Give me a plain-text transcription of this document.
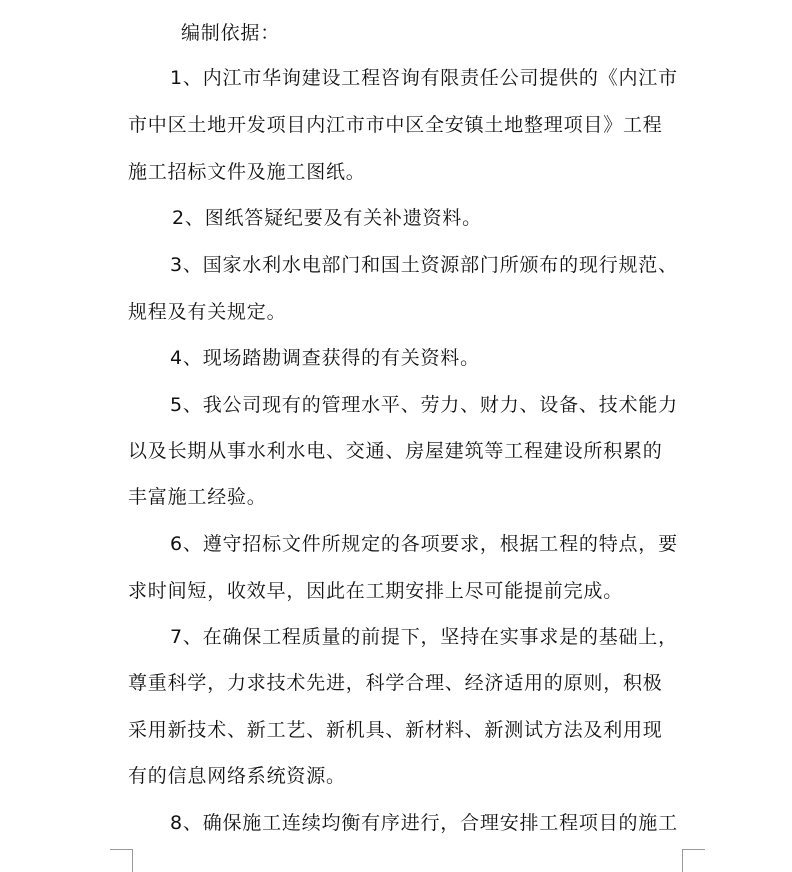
编制依据：
1、内江市华询建设工程咨询有限责任公司提供的《内江市
市中区土地开发项目内江市市中区全安镇土地整理项目》工程
施工招标文件及施工图纸。
2、图纸答疑纪要及有关补遗资料。
3、国家水利水电部门和国土资源部门所颁布的现行规范、
规程及有关规定。
4、现场踏勘调查获得的有关资料。
5、我公司现有的管理水平、劳力、财力、设备、技术能力
以及长期从事水利水电、交通、房屋建筑等工程建设所积累的
丰富施工经验。
6、遵守招标文件所规定的各项要求，根据工程的特点，要
求时间短，收效早，因此在工期安排上尽可能提前完成。
7、在确保工程质量的前提下，坚持在实事求是的基础上，
尊重科学，力求技术先进，科学合理、经济适用的原则，积极
采用新技术、新工艺、新机具、新材料、新测试方法及利用现
有的信息网络系统资源。
8、确保施工连续均衡有序进行，合理安排工程项目的施工
